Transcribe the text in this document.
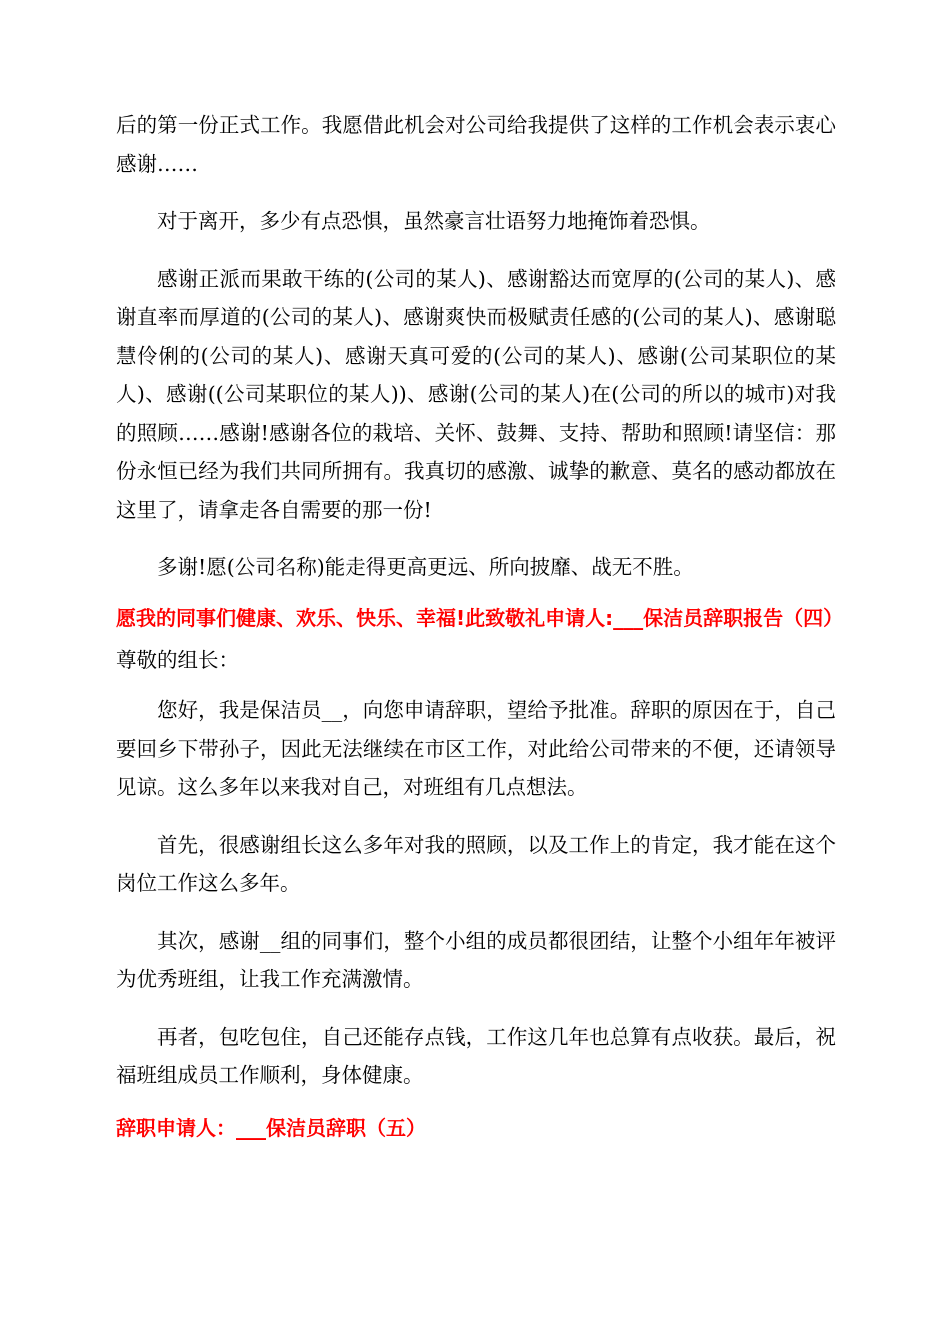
后的第一份正式工作。我愿借此机会对公司给我提供了这样的工作机会表示衷心感谢……

对于离开，多少有点恐惧，虽然豪言壮语努力地掩饰着恐惧。

感谢正派而果敢干练的(公司的某人)、感谢豁达而宽厚的(公司的某人)、感谢直率而厚道的(公司的某人)、感谢爽快而极赋责任感的(公司的某人)、感谢聪慧伶俐的(公司的某人)、感谢天真可爱的(公司的某人)、感谢(公司某职位的某人)、感谢((公司某职位的某人))、感谢(公司的某人)在(公司的所以的城市)对我的照顾……感谢!感谢各位的栽培、关怀、鼓舞、支持、帮助和照顾!请坚信：那份永恒已经为我们共同所拥有。我真切的感激、诚挚的歉意、莫名的感动都放在这里了，请拿走各自需要的那一份!

多谢!愿(公司名称)能走得更高更远、所向披靡、战无不胜。

愿我的同事们健康、欢乐、快乐、幸福!此致敬礼申请人:___保洁员辞职报告（四）

尊敬的组长：

您好，我是保洁员__，向您申请辞职，望给予批准。辞职的原因在于，自己要回乡下带孙子，因此无法继续在市区工作，对此给公司带来的不便，还请领导见谅。这么多年以来我对自己，对班组有几点想法。

首先，很感谢组长这么多年对我的照顾，以及工作上的肯定，我才能在这个岗位工作这么多年。

其次，感谢__组的同事们，整个小组的成员都很团结，让整个小组年年被评为优秀班组，让我工作充满激情。

再者，包吃包住，自己还能存点钱，工作这几年也总算有点收获。最后，祝福班组成员工作顺利，身体健康。

辞职申请人：___保洁员辞职（五）
